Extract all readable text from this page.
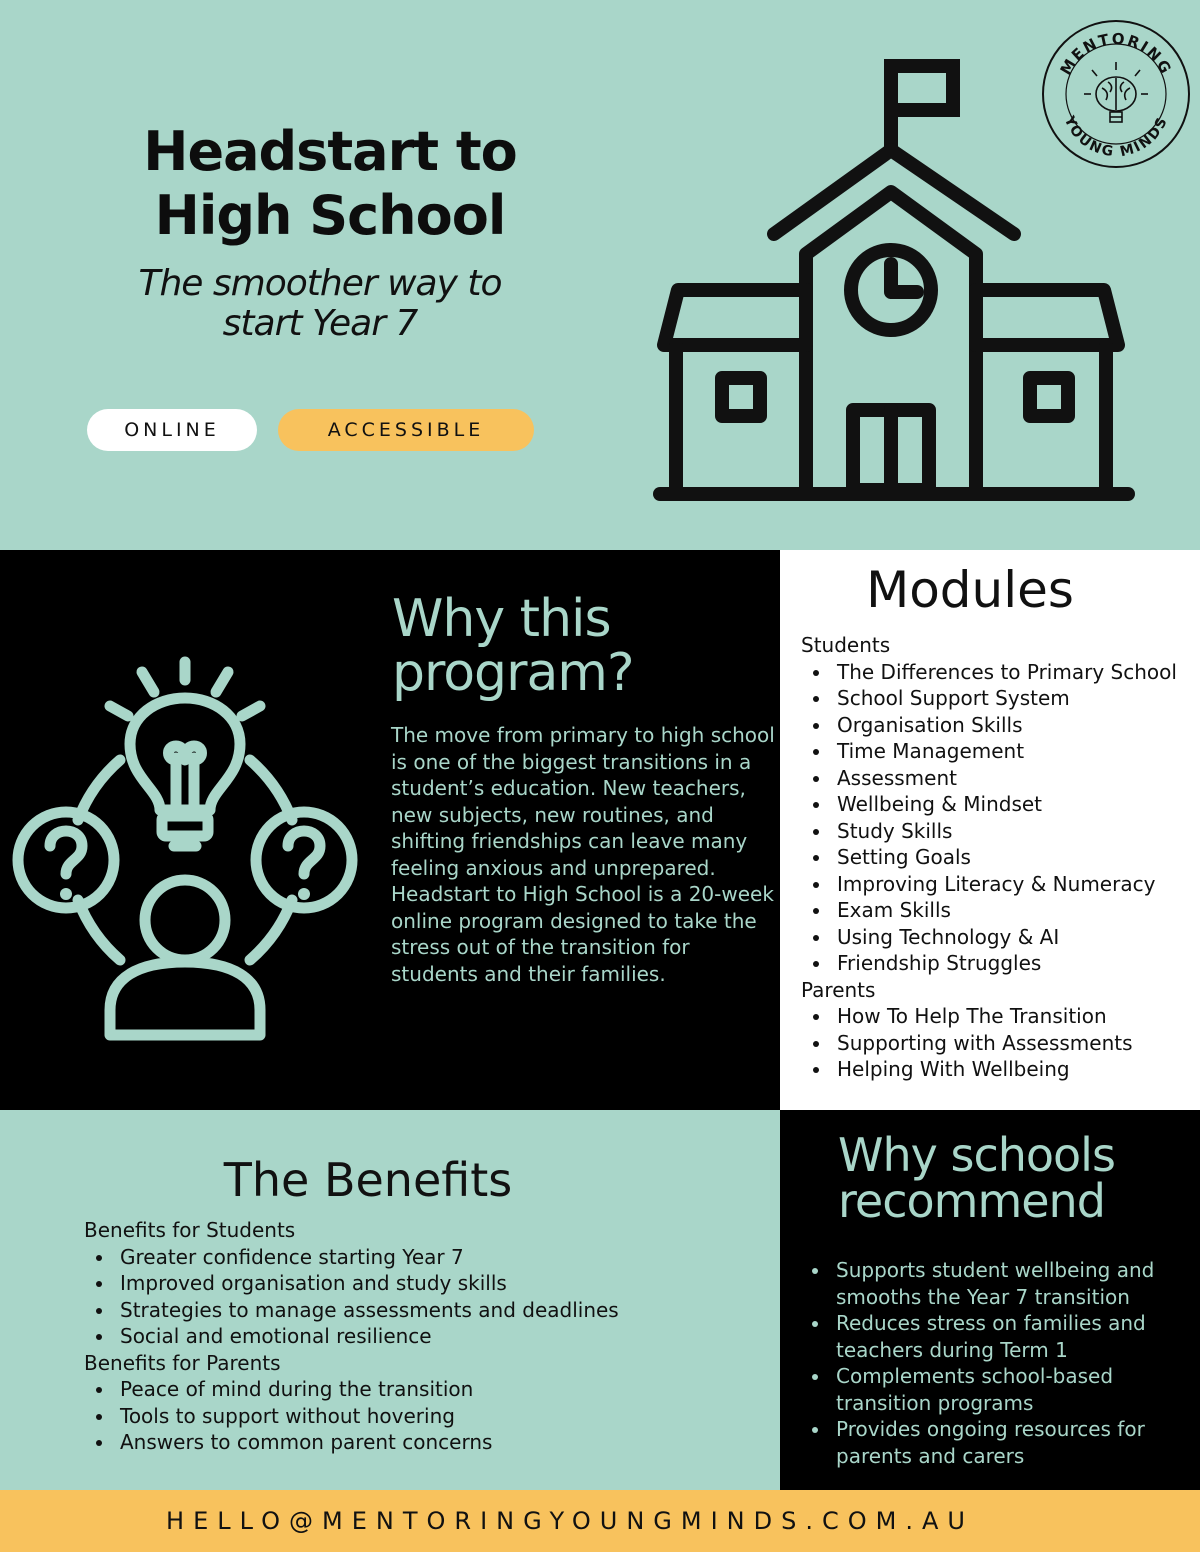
Headstart to
High School
The smoother way to
start Year 7
ONLINE	ACCESSIBLE
MENTORING
YOUNG MINDS
Why this
program?

The move from primary to high school is one of the biggest transitions in a student’s education. New teachers, new subjects, new routines, and shifting friendships can leave many feeling anxious and unprepared.

Headstart to High School is a 20-week online program designed to take the stress out of the transition for students and their families.

Modules
Students
The Differences to Primary School
School Support System
Organisation Skills
Time Management
Assessment
Wellbeing & Mindset
Study Skills
Setting Goals
Improving Literacy & Numeracy
Exam Skills
Using Technology & AI
Friendship Struggles
Parents
How To Help The Transition
Supporting with Assessments
Helping With Wellbeing
The Benefits
Benefits for Students
Greater confidence starting Year 7
Improved organisation and study skills
Strategies to manage assessments and deadlines
Social and emotional resilience
Benefits for Parents
Peace of mind during the transition
Tools to support without hovering
Answers to common parent concerns
Why schools
recommend
Supports student wellbeing and smooths the Year 7 transition
Reduces stress on families and teachers during Term 1
Complements school-based transition programs
Provides ongoing resources for parents and carers
HELLO@MENTORINGYOUNGMINDS.COM.AU
